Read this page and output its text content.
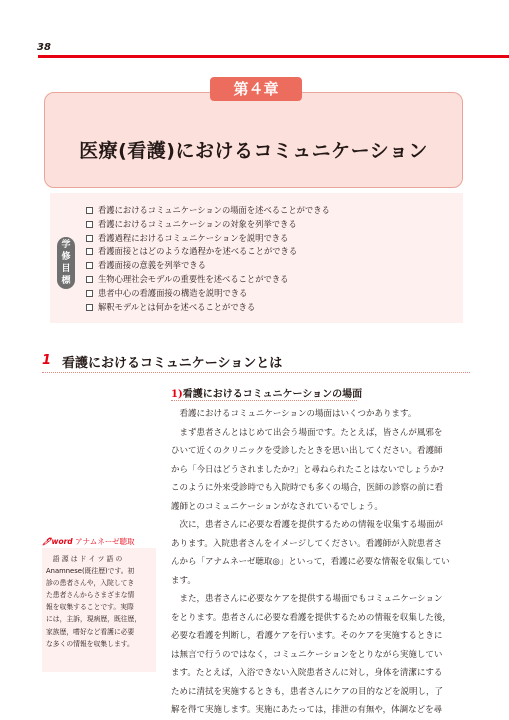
38
第４章
医療(看護)におけるコミュニケーション
学
修
目
標
看護におけるコミュニケーションの場面を述べることができる
看護におけるコミュニケーションの対象を列挙できる
看護過程におけるコミュニケーションを説明できる
看護面接とはどのような過程かを述べることができる
看護面接の意義を列挙できる
生物心理社会モデルの重要性を述べることができる
患者中心の看護面接の構造を説明できる
解釈モデルとは何かを述べることができる
1 看護におけるコミュニケーションとは
1)看護におけるコミュニケーションの場面
　看護におけるコミュニケーションの場面はいくつかあります。
　まず患者さんとはじめて出会う場面です。たとえば，皆さんが風邪を
ひいて近くのクリニックを受診したときを思い出してください。看護師
から「今日はどうされましたか?」と尋ねられたことはないでしょうか?
このように外来受診時でも入院時でも多くの場合，医師の診察の前に看
護師とのコミュニケーションがなされているでしょう。
　次に，患者さんに必要な看護を提供するための情報を収集する場面が
あります。入院患者さんをイメージしてください。看護師が入院患者さ
んから「アナムネーゼ聴取◎」といって，看護に必要な情報を収集してい
ます。
　また，患者さんに必要なケアを提供する場面でもコミュニケーション
をとります。患者さんに必要な看護を提供するための情報を収集した後，
必要な看護を判断し，看護ケアを行います。そのケアを実施するときに
は無言で行うのではなく，コミュニケーションをとりながら実施してい
ます。たとえば，入浴できない入院患者さんに対し，身体を清潔にする
ために清拭を実施するときも，患者さんにケアの目的などを説明し，了
解を得て実施します。実施にあたっては，排泄の有無や，体調などを尋
🖊word アナムネーゼ聴取
　語 源 は ド イ ツ 語 の
Anamnese(既往歴)です。初
診の患者さんや，入院してき
た患者さんからさまざまな情
報を収集することです。実際
には，主訴，現病歴，既往歴，
家族歴，嗜好など看護に必要
な多くの情報を収集します。
